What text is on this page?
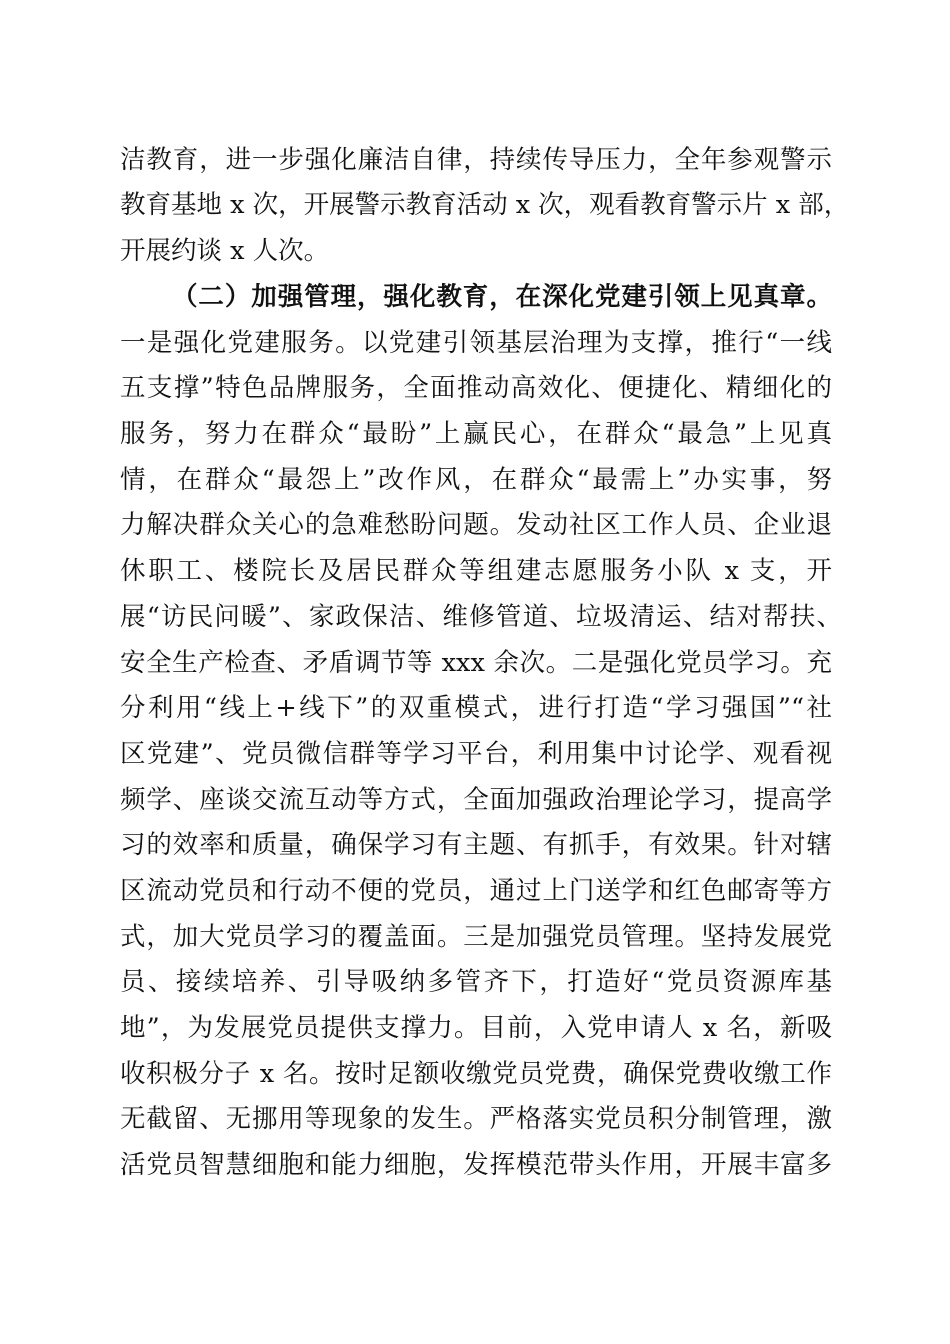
洁教育，进一步强化廉洁自律，持续传导压力，全年参观警示
教育基地 x 次，开展警示教育活动 x 次，观看教育警示片 x 部，
开展约谈 x 人次。
（二）加强管理，强化教育，在深化党建引领上见真章。
一是强化党建服务。以党建引领基层治理为支撑，推行“一线
五支撑”特色品牌服务，全面推动高效化、便捷化、精细化的
服务，努力在群众“最盼”上赢民心，在群众“最急”上见真
情，在群众“最怨上”改作风，在群众“最需上”办实事，努
力解决群众关心的急难愁盼问题。发动社区工作人员、企业退
休职工、楼院长及居民群众等组建志愿服务小队 x 支，开
展“访民问暖”、家政保洁、维修管道、垃圾清运、结对帮扶、
安全生产检查、矛盾调节等 xxx 余次。二是强化党员学习。充
分利用“线上+线下”的双重模式，进行打造“学习强国”“社
区党建”、党员微信群等学习平台，利用集中讨论学、观看视
频学、座谈交流互动等方式，全面加强政治理论学习，提高学
习的效率和质量，确保学习有主题、有抓手，有效果。针对辖
区流动党员和行动不便的党员，通过上门送学和红色邮寄等方
式，加大党员学习的覆盖面。三是加强党员管理。坚持发展党
员、接续培养、引导吸纳多管齐下，打造好“党员资源库基
地”，为发展党员提供支撑力。目前，入党申请人 x 名，新吸
收积极分子 x 名。按时足额收缴党员党费，确保党费收缴工作
无截留、无挪用等现象的发生。严格落实党员积分制管理，激
活党员智慧细胞和能力细胞，发挥模范带头作用，开展丰富多
